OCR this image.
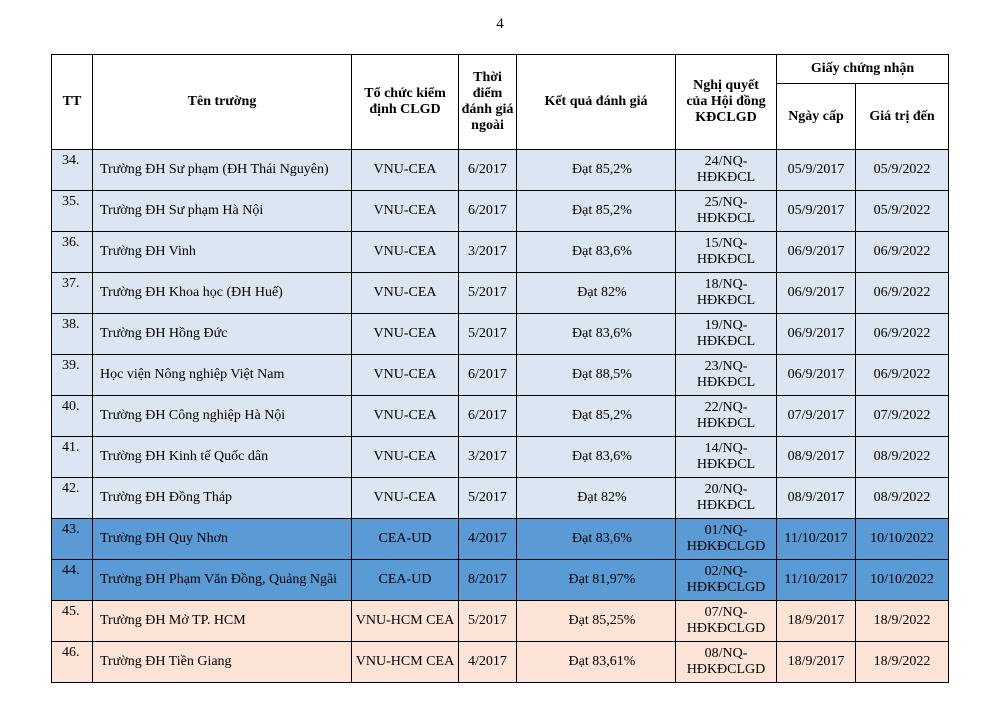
4
TT	Tên trường	Tổ chức kiểm định CLGD	Thời điểm đánh giá ngoài	Kết quả đánh giá	Nghị quyết của Hội đồng KĐCLGD	Giấy chứng nhận	
						Ngày cấp	Giá trị đến
34.	Trường ĐH Sư phạm (ĐH Thái Nguyên)	VNU-CEA	6/2017	Đạt 85,2%	24/NQ-HĐKĐCL	05/9/2017	05/9/2022
35.	Trường ĐH Sư phạm Hà Nội	VNU-CEA	6/2017	Đạt 85,2%	25/NQ-HĐKĐCL	05/9/2017	05/9/2022
36.	Trường ĐH Vinh	VNU-CEA	3/2017	Đạt 83,6%	15/NQ-HĐKĐCL	06/9/2017	06/9/2022
37.	Trường ĐH Khoa học (ĐH Huế)	VNU-CEA	5/2017	Đạt 82%	18/NQ-HĐKĐCL	06/9/2017	06/9/2022
38.	Trường ĐH Hồng Đức	VNU-CEA	5/2017	Đạt 83,6%	19/NQ-HĐKĐCL	06/9/2017	06/9/2022
39.	Học viện Nông nghiệp Việt Nam	VNU-CEA	6/2017	Đạt 88,5%	23/NQ-HĐKĐCL	06/9/2017	06/9/2022
40.	Trường ĐH Công nghiệp Hà Nội	VNU-CEA	6/2017	Đạt 85,2%	22/NQ-HĐKĐCL	07/9/2017	07/9/2022
41.	Trường ĐH Kinh tế Quốc dân	VNU-CEA	3/2017	Đạt 83,6%	14/NQ-HĐKĐCL	08/9/2017	08/9/2022
42.	Trường ĐH Đồng Tháp	VNU-CEA	5/2017	Đạt 82%	20/NQ-HĐKĐCL	08/9/2017	08/9/2022
43.	Trường ĐH Quy Nhơn	CEA-UD	4/2017	Đạt 83,6%	01/NQ-HĐKĐCLGD	11/10/2017	10/10/2022
44.	Trường ĐH Phạm Văn Đồng, Quảng Ngãi	CEA-UD	8/2017	Đạt 81,97%	02/NQ-HĐKĐCLGD	11/10/2017	10/10/2022
45.	Trường ĐH Mở TP. HCM	VNU-HCM CEA	5/2017	Đạt 85,25%	07/NQ-HĐKĐCLGD	18/9/2017	18/9/2022
46.	Trường ĐH Tiền Giang	VNU-HCM CEA	4/2017	Đạt 83,61%	08/NQ-HĐKĐCLGD	18/9/2017	18/9/2022
